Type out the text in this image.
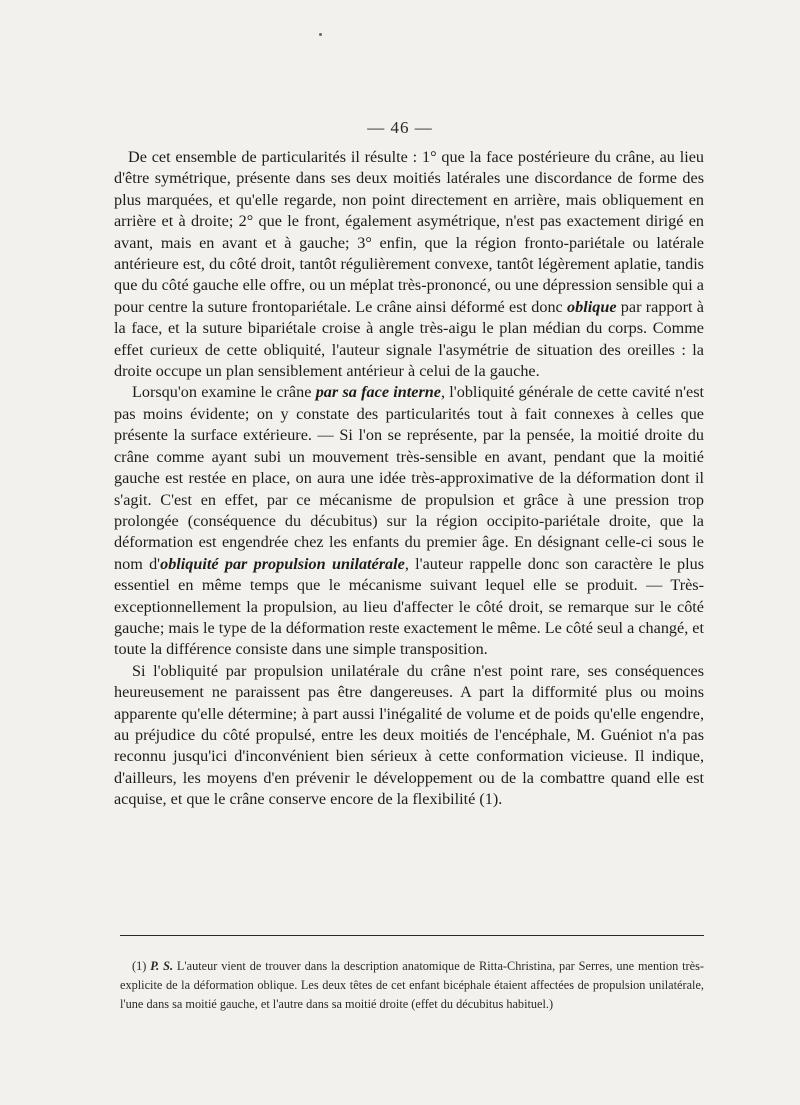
— 46 —

De cet ensemble de particularités il résulte : 1° que la face postérieure du crâne, au lieu d'être symétrique, présente dans ses deux moitiés latérales une discordance de forme des plus marquées, et qu'elle regarde, non point directement en arrière, mais obliquement en arrière et à droite; 2° que le front, également asymétrique, n'est pas exactement dirigé en avant, mais en avant et à gauche; 3° enfin, que la région fronto-pariétale ou latérale antérieure est, du côté droit, tantôt régulièrement convexe, tantôt légèrement aplatie, tandis que du côté gauche elle offre, ou un méplat très-prononcé, ou une dépression sensible qui a pour centre la suture frontopariétale. Le crâne ainsi déformé est donc oblique par rapport à la face, et la suture bipariétale croise à angle très-aigu le plan médian du corps. Comme effet curieux de cette obliquité, l'auteur signale l'asymétrie de situation des oreilles : la droite occupe un plan sensiblement antérieur à celui de la gauche.

Lorsqu'on examine le crâne par sa face interne, l'obliquité générale de cette cavité n'est pas moins évidente; on y constate des particularités tout à fait connexes à celles que présente la surface extérieure. — Si l'on se représente, par la pensée, la moitié droite du crâne comme ayant subi un mouvement très-sensible en avant, pendant que la moitié gauche est restée en place, on aura une idée très-approximative de la déformation dont il s'agit. C'est en effet, par ce mécanisme de propulsion et grâce à une pression trop prolongée (conséquence du décubitus) sur la région occipito-pariétale droite, que la déformation est engendrée chez les enfants du premier âge. En désignant celle-ci sous le nom d'obliquité par propulsion unilatérale, l'auteur rappelle donc son caractère le plus essentiel en même temps que le mécanisme suivant lequel elle se produit. — Très-exceptionnellement la propulsion, au lieu d'affecter le côté droit, se remarque sur le côté gauche; mais le type de la déformation reste exactement le même. Le côté seul a changé, et toute la différence consiste dans une simple transposition.

Si l'obliquité par propulsion unilatérale du crâne n'est point rare, ses conséquences heureusement ne paraissent pas être dangereuses. A part la difformité plus ou moins apparente qu'elle détermine; à part aussi l'inégalité de volume et de poids qu'elle engendre, au préjudice du côté propulsé, entre les deux moitiés de l'encéphale, M. Guéniot n'a pas reconnu jusqu'ici d'inconvénient bien sérieux à cette conformation vicieuse. Il indique, d'ailleurs, les moyens d'en prévenir le développement ou de la combattre quand elle est acquise, et que le crâne conserve encore de la flexibilité (1).

(1) P. S. L'auteur vient de trouver dans la description anatomique de Ritta-Christina, par Serres, une mention très-explicite de la déformation oblique. Les deux têtes de cet enfant bicéphale étaient affectées de propulsion unilatérale, l'une dans sa moitié gauche, et l'autre dans sa moitié droite (effet du décubitus habituel.)
